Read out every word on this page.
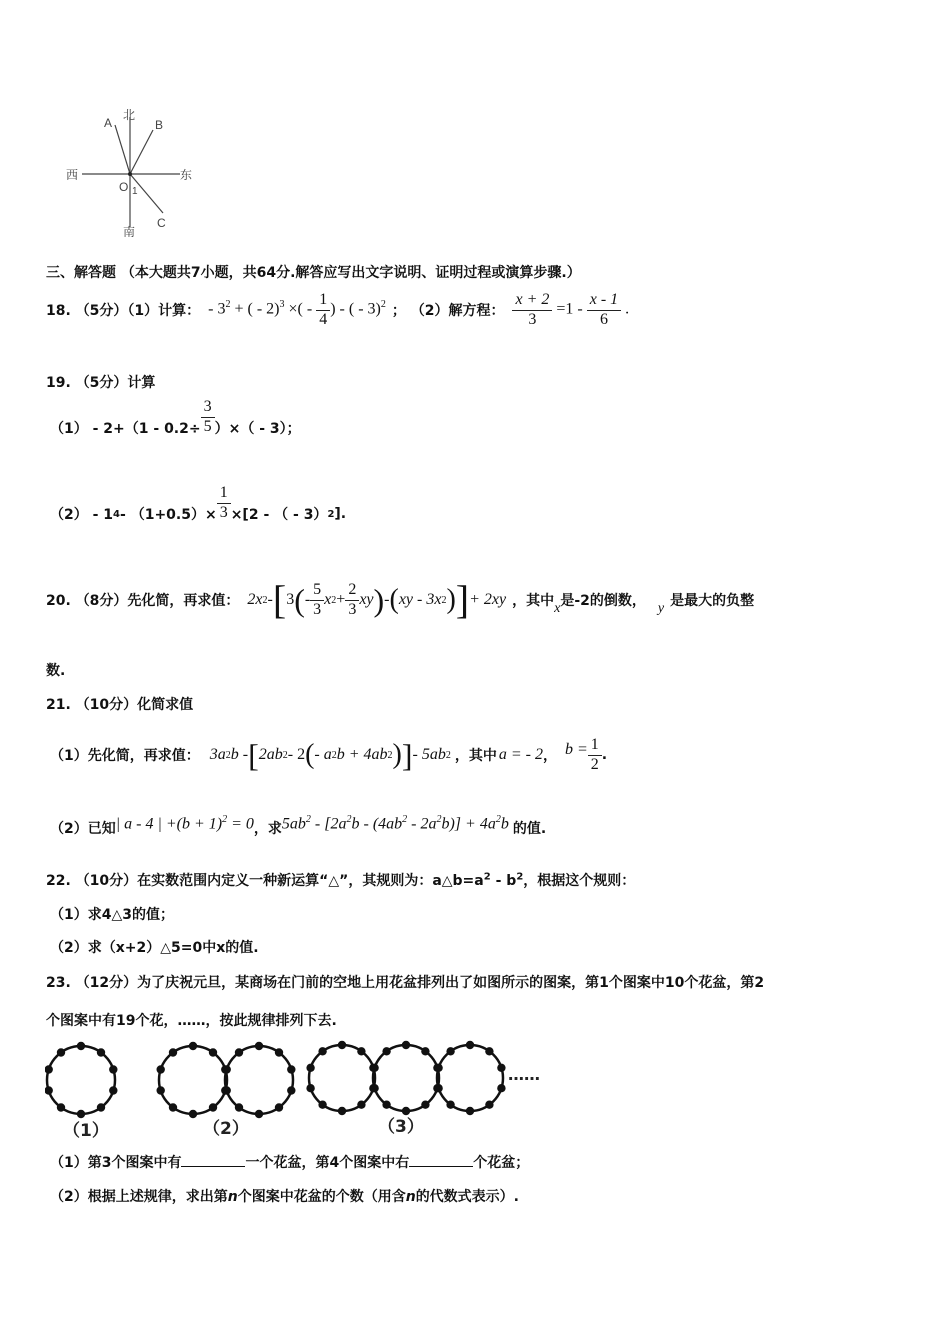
北
南
西	东
A	B
C
O 1
三、解答题 （本大题共7小题，共64分.解答应写出文字说明、证明过程或演算步骤.）
18. （5分）（1）计算： - $3^2$ + ( - 2)$^3$ ×( - $\frac{1}{4}$ ) - ( - 3)$^2$ ； （2）解方程： $\frac{x + 2}{3} =1 - \frac{x - 1}{6}$ .
19. （5分）计算
$(1) - 2+(1 - 0.2\div \frac{3}{5}$ ）×（ - 3）；
（2） - 1 $4 - (1+0.5)\times \frac{1}{3} \times[2$ - （ - 3） 2 ].
20. （8分）先化简，再求值： 2x 2 - [ 3 ( - $\frac{5}{3}$ x $2 + \frac{2}{3}$ xy ) - ( xy - 3x 2 ) ] + 2xy ，其中 x 是-2的倒数， y 是最大的负整
数.
21. （10分）化简求值
（1）先化简，再求值： 3a 2 b - [ 2ab 2 - 2 ( - a 2 b + 4ab 2 ) ] - 5ab 2 ，其中 a = - 2 ， $b = \frac{1}{2}$ .
（2）已知 | a - 4 | $+(b + 1)^2 = 0$ ，求 $5ab^2 - [2a^2b - (4ab^2 - 2a^2b)] + 4a^2b$ 的值.
22. （10分）在实数范围内定义一种新运算“△”，其规则为：$a\triangle b=a^2 - b^2$，根据这个规则：
（1）求4△3的值；
（2）求（x+2）△5=0中x的值.
23. （12分）为了庆祝元旦，某商场在门前的空地上用花盆排列出了如图所示的图案，第1个图案中10个花盆，第2
个图案中有19个花，……，按此规律排列下去.
（1）	（2）	（3）
……
（1）第3个图案中有	一个花盆，第4个图案中右	个花盆；
（2）根据上述规律，求出第n个图案中花盆的个数（用含n的代数式表示）.
